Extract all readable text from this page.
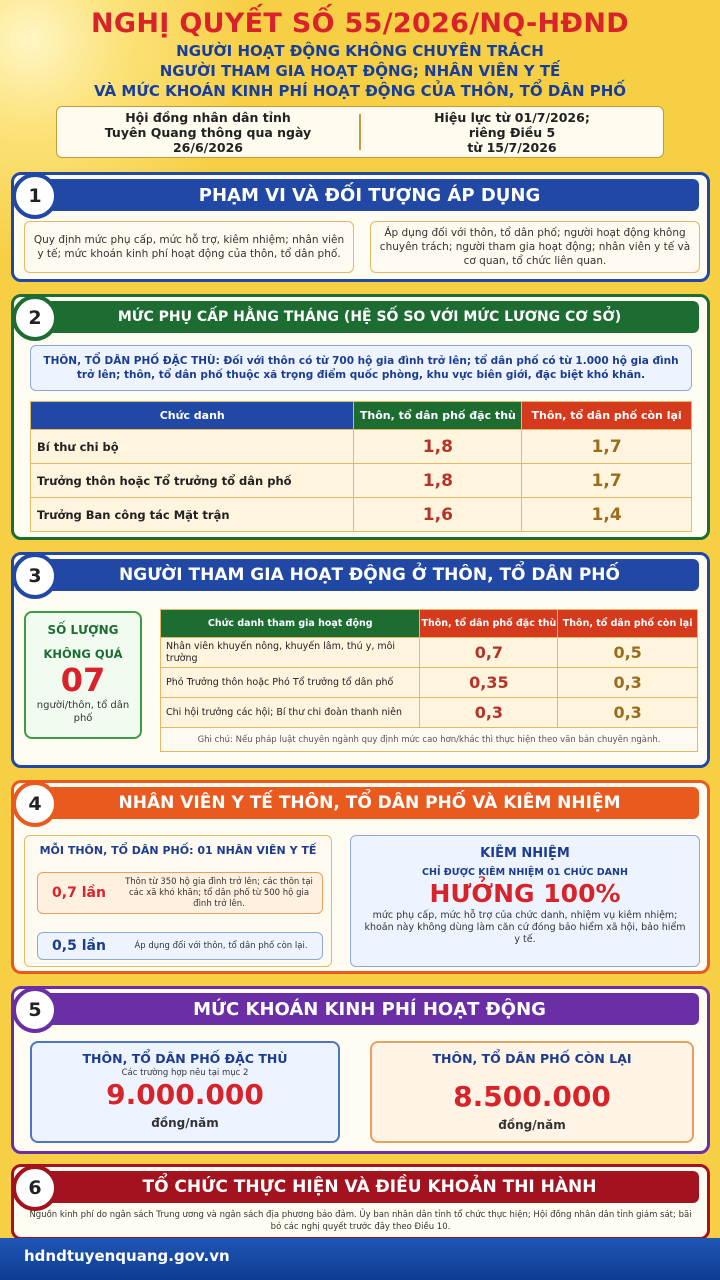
NGHỊ QUYẾT SỐ 55/2026/NQ-HĐND
NGƯỜI HOẠT ĐỘNG KHÔNG CHUYÊN TRÁCH
NGƯỜI THAM GIA HOẠT ĐỘNG; NHÂN VIÊN Y TẾ
VÀ MỨC KHOÁN KINH PHÍ HOẠT ĐỘNG CỦA THÔN, TỔ DÂN PHỐ
Hội đồng nhân dân tỉnh
Tuyên Quang thông qua ngày
26/6/2026
Hiệu lực từ 01/7/2026;
riêng Điều 5
từ 15/7/2026
1	PHẠM VI VÀ ĐỐI TƯỢNG ÁP DỤNG
Quy định mức phụ cấp, mức hỗ trợ, kiêm nhiệm; nhân viên y tế; mức khoán kinh phí hoạt động của thôn, tổ dân phố.
Áp dụng đối với thôn, tổ dân phố; người hoạt động không chuyên trách; người tham gia hoạt động; nhân viên y tế và cơ quan, tổ chức liên quan.
2	MỨC PHỤ CẤP HẰNG THÁNG (HỆ SỐ SO VỚI MỨC LƯƠNG CƠ SỞ)
THÔN, TỔ DÂN PHỐ ĐẶC THÙ: Đối với thôn có từ 700 hộ gia đình trở lên; tổ dân phố có từ 1.000 hộ gia đình trở lên; thôn, tổ dân phố thuộc xã trọng điểm quốc phòng, khu vực biên giới, đặc biệt khó khăn.
Chức danh	Thôn, tổ dân phố đặc thù	Thôn, tổ dân phố còn lại
Bí thư chi bộ	1,8	1,7
Trưởng thôn hoặc Tổ trưởng tổ dân phố	1,8	1,7
Trưởng Ban công tác Mặt trận	1,6	1,4
3	NGƯỜI THAM GIA HOẠT ĐỘNG Ở THÔN, TỔ DÂN PHỐ
SỐ LƯỢNG
KHÔNG QUÁ
07
người/thôn, tổ dân phố
Chức danh tham gia hoạt động	Thôn, tổ dân phố đặc thù	Thôn, tổ dân phố còn lại
Nhân viên khuyến nông, khuyến lâm, thú y, môi trường	0,7	0,5
Phó Trưởng thôn hoặc Phó Tổ trưởng tổ dân phố	0,35	0,3
Chi hội trưởng các hội; Bí thư chi đoàn thanh niên	0,3	0,3
Ghi chú: Nếu pháp luật chuyên ngành quy định mức cao hơn/khác thì thực hiện theo văn bản chuyên ngành.		
4	NHÂN VIÊN Y TẾ THÔN, TỔ DÂN PHỐ VÀ KIÊM NHIỆM
MỖI THÔN, TỔ DÂN PHỐ: 01 NHÂN VIÊN Y TẾ
0,7 lần
Thôn từ 350 hộ gia đình trở lên; các thôn tại các xã khó khăn; tổ dân phố từ 500 hộ gia đình trở lên.
0,5 lần	Áp dụng đối với thôn, tổ dân phố còn lại.
KIÊM NHIỆM
CHỈ ĐƯỢC KIÊM NHIỆM 01 CHỨC DANH
HƯỞNG 100%
mức phụ cấp, mức hỗ trợ của chức danh, nhiệm vụ kiêm nhiệm; khoản này không dùng làm căn cứ đóng bảo hiểm xã hội, bảo hiểm y tế.
5	MỨC KHOÁN KINH PHÍ HOẠT ĐỘNG
THÔN, TỔ DÂN PHỐ ĐẶC THÙ
Các trường hợp nêu tại mục 2
9.000.000
đồng/năm
THÔN, TỔ DÂN PHỐ CÒN LẠI
8.500.000
đồng/năm
6	TỔ CHỨC THỰC HIỆN VÀ ĐIỀU KHOẢN THI HÀNH
Nguồn kinh phí do ngân sách Trung ương và ngân sách địa phương bảo đảm. Ủy ban nhân dân tỉnh tổ chức thực hiện; Hội đồng nhân dân tỉnh giám sát; bãi bỏ các nghị quyết trước đây theo Điều 10.
hdndtuyenquang.gov.vn
